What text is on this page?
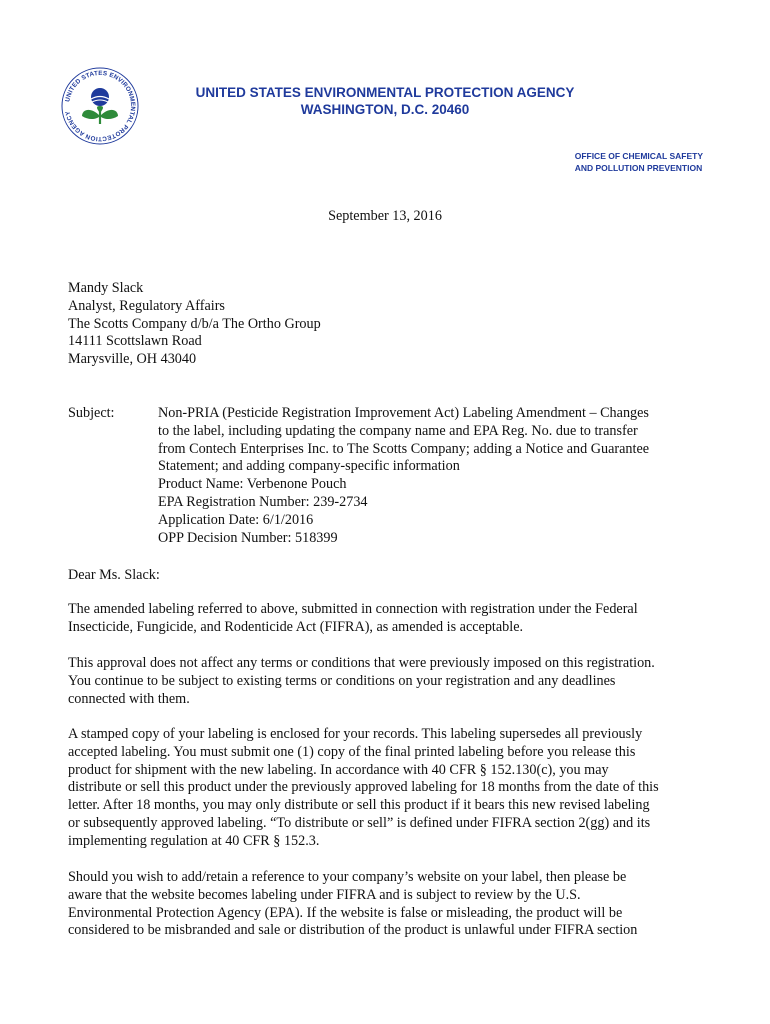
UNITED STATES ENVIRONMENTAL PROTECTION AGENCY
UNITED STATES ENVIRONMENTAL PROTECTION AGENCY
WASHINGTON, D.C. 20460
OFFICE OF CHEMICAL SAFETY
AND POLLUTION PREVENTION
September 13, 2016
Mandy Slack
Analyst, Regulatory Affairs
The Scotts Company d/b/a The Ortho Group
14111 Scottslawn Road
Marysville, OH 43040
Subject:	Non-PRIA (Pesticide Registration Improvement Act) Labeling Amendment – Changes
to the label, including updating the company name and EPA Reg. No. due to transfer
from Contech Enterprises Inc. to The Scotts Company; adding a Notice and Guarantee
Statement; and adding company-specific information
Product Name: Verbenone Pouch
EPA Registration Number: 239-2734
Application Date: 6/1/2016
OPP Decision Number: 518399
Dear Ms. Slack:
The amended labeling referred to above, submitted in connection with registration under the Federal
Insecticide, Fungicide, and Rodenticide Act (FIFRA), as amended is acceptable.
This approval does not affect any terms or conditions that were previously imposed on this registration.
You continue to be subject to existing terms or conditions on your registration and any deadlines
connected with them.
A stamped copy of your labeling is enclosed for your records. This labeling supersedes all previously
accepted labeling. You must submit one (1) copy of the final printed labeling before you release this
product for shipment with the new labeling. In accordance with 40 CFR § 152.130(c), you may
distribute or sell this product under the previously approved labeling for 18 months from the date of this
letter. After 18 months, you may only distribute or sell this product if it bears this new revised labeling
or subsequently approved labeling. “To distribute or sell” is defined under FIFRA section 2(gg) and its
implementing regulation at 40 CFR § 152.3.
Should you wish to add/retain a reference to your company’s website on your label, then please be
aware that the website becomes labeling under FIFRA and is subject to review by the U.S.
Environmental Protection Agency (EPA). If the website is false or misleading, the product will be
considered to be misbranded and sale or distribution of the product is unlawful under FIFRA section
